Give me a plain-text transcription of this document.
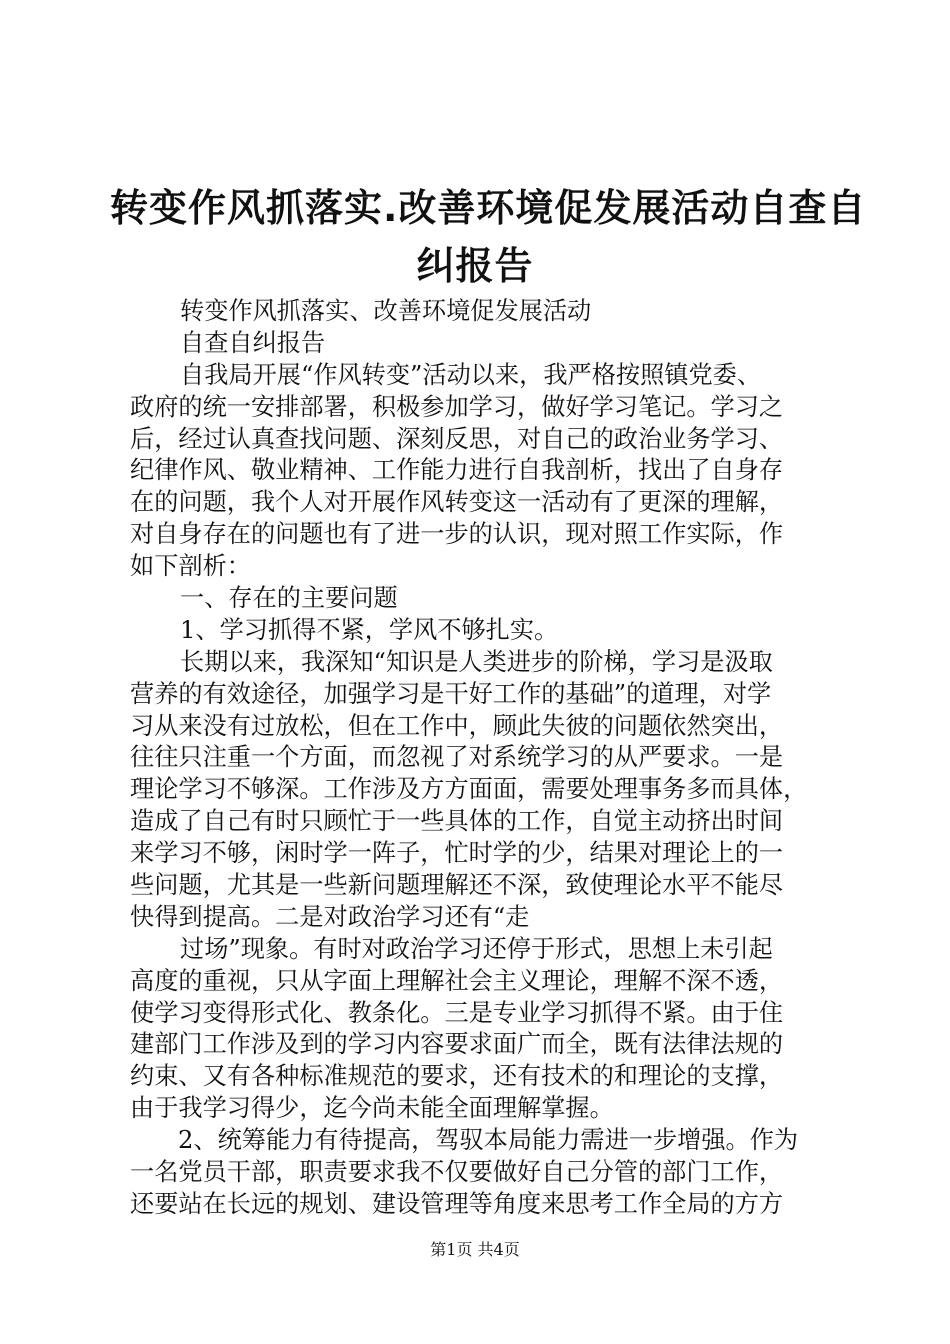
转变作风抓落实.改善环境促发展活动自查自
纠报告
转变作风抓落实、改善环境促发展活动
自查自纠报告
自我局开展“作风转变”活动以来，我严格按照镇党委、
政府的统一安排部署，积极参加学习，做好学习笔记。学习之
后，经过认真查找问题、深刻反思，对自己的政治业务学习、
纪律作风、敬业精神、工作能力进行自我剖析，找出了自身存
在的问题，我个人对开展作风转变这一活动有了更深的理解，
对自身存在的问题也有了进一步的认识，现对照工作实际，作
如下剖析：
一、存在的主要问题
1、学习抓得不紧，学风不够扎实。
长期以来，我深知“知识是人类进步的阶梯，学习是汲取
营养的有效途径，加强学习是干好工作的基础”的道理，对学
习从来没有过放松，但在工作中，顾此失彼的问题依然突出，
往往只注重一个方面，而忽视了对系统学习的从严要求。一是
理论学习不够深。工作涉及方方面面，需要处理事务多而具体，
造成了自己有时只顾忙于一些具体的工作，自觉主动挤出时间
来学习不够，闲时学一阵子，忙时学的少，结果对理论上的一
些问题，尤其是一些新问题理解还不深，致使理论水平不能尽
快得到提高。二是对政治学习还有“走
过场”现象。有时对政治学习还停于形式，思想上未引起
高度的重视，只从字面上理解社会主义理论，理解不深不透，
使学习变得形式化、教条化。三是专业学习抓得不紧。由于住
建部门工作涉及到的学习内容要求面广而全，既有法律法规的
约束、又有各种标准规范的要求，还有技术的和理论的支撑，
由于我学习得少，迄今尚未能全面理解掌握。
2、统筹能力有待提高，驾驭本局能力需进一步增强。作为
一名党员干部，职责要求我不仅要做好自己分管的部门工作，
还要站在长远的规划、建设管理等角度来思考工作全局的方方
第1页 共4页
